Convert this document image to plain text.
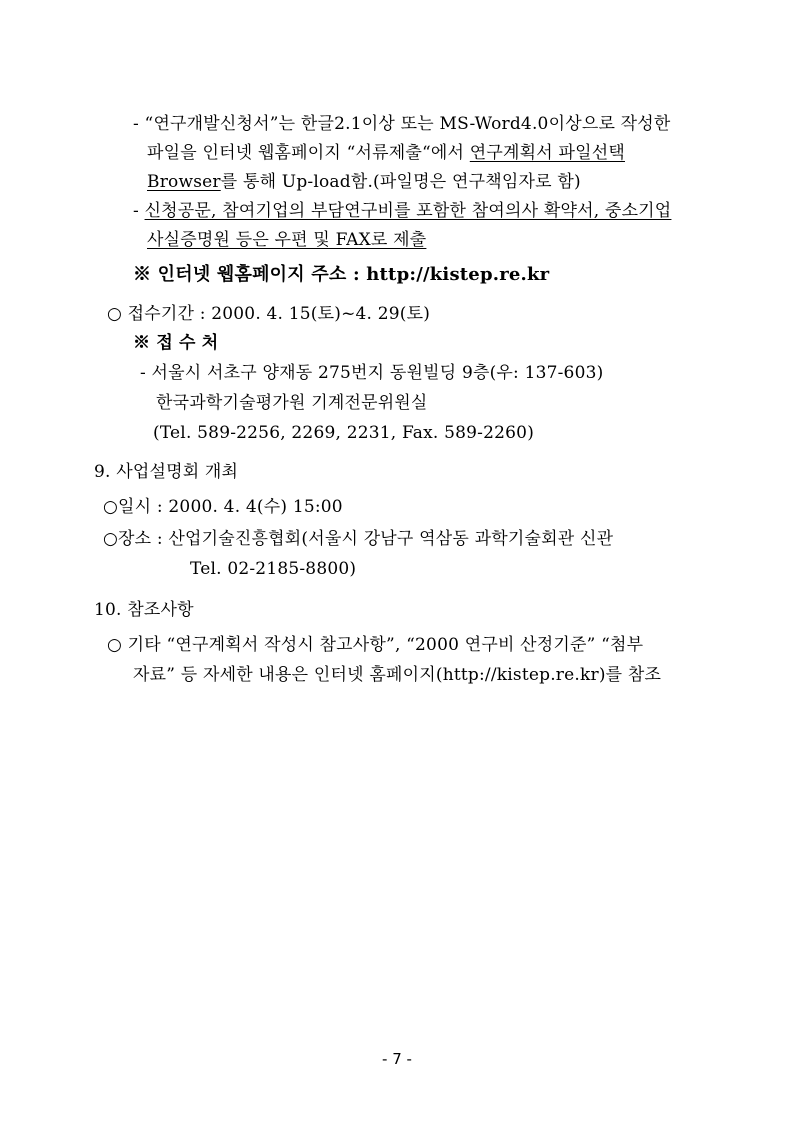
- “연구개발신청서”는 한글2.1이상 또는 MS-Word4.0이상으로 작성한
파일을 인터넷 웹홈페이지 “서류제출“에서 연구계획서 파일선택
Browser를 통해 Up-load함.(파일명은 연구책임자로 함)
- 신청공문, 참여기업의 부담연구비를 포함한 참여의사 확약서, 중소기업
사실증명원 등은 우편 및 FAX로 제출
※ 인터넷 웹홈페이지 주소 : http://kistep.re.kr
○ 접수기간 : 2000. 4. 15(토)~4. 29(토)
※ 접 수 처
- 서울시 서초구 양재동 275번지 동원빌딩 9층(우: 137-603)
한국과학기술평가원 기계전문위원실
(Tel. 589-2256, 2269, 2231, Fax. 589-2260)
9. 사업설명회 개최
○일시 : 2000. 4. 4(수) 15:00
○장소 : 산업기술진흥협회(서울시 강남구 역삼동 과학기술회관 신관
Tel. 02-2185-8800)
10. 참조사항
○ 기타 “연구계획서 작성시 참고사항”, “2000 연구비 산정기준” “첨부
자료” 등 자세한 내용은 인터넷 홈페이지(http://kistep.re.kr)를 참조
- 7 -
